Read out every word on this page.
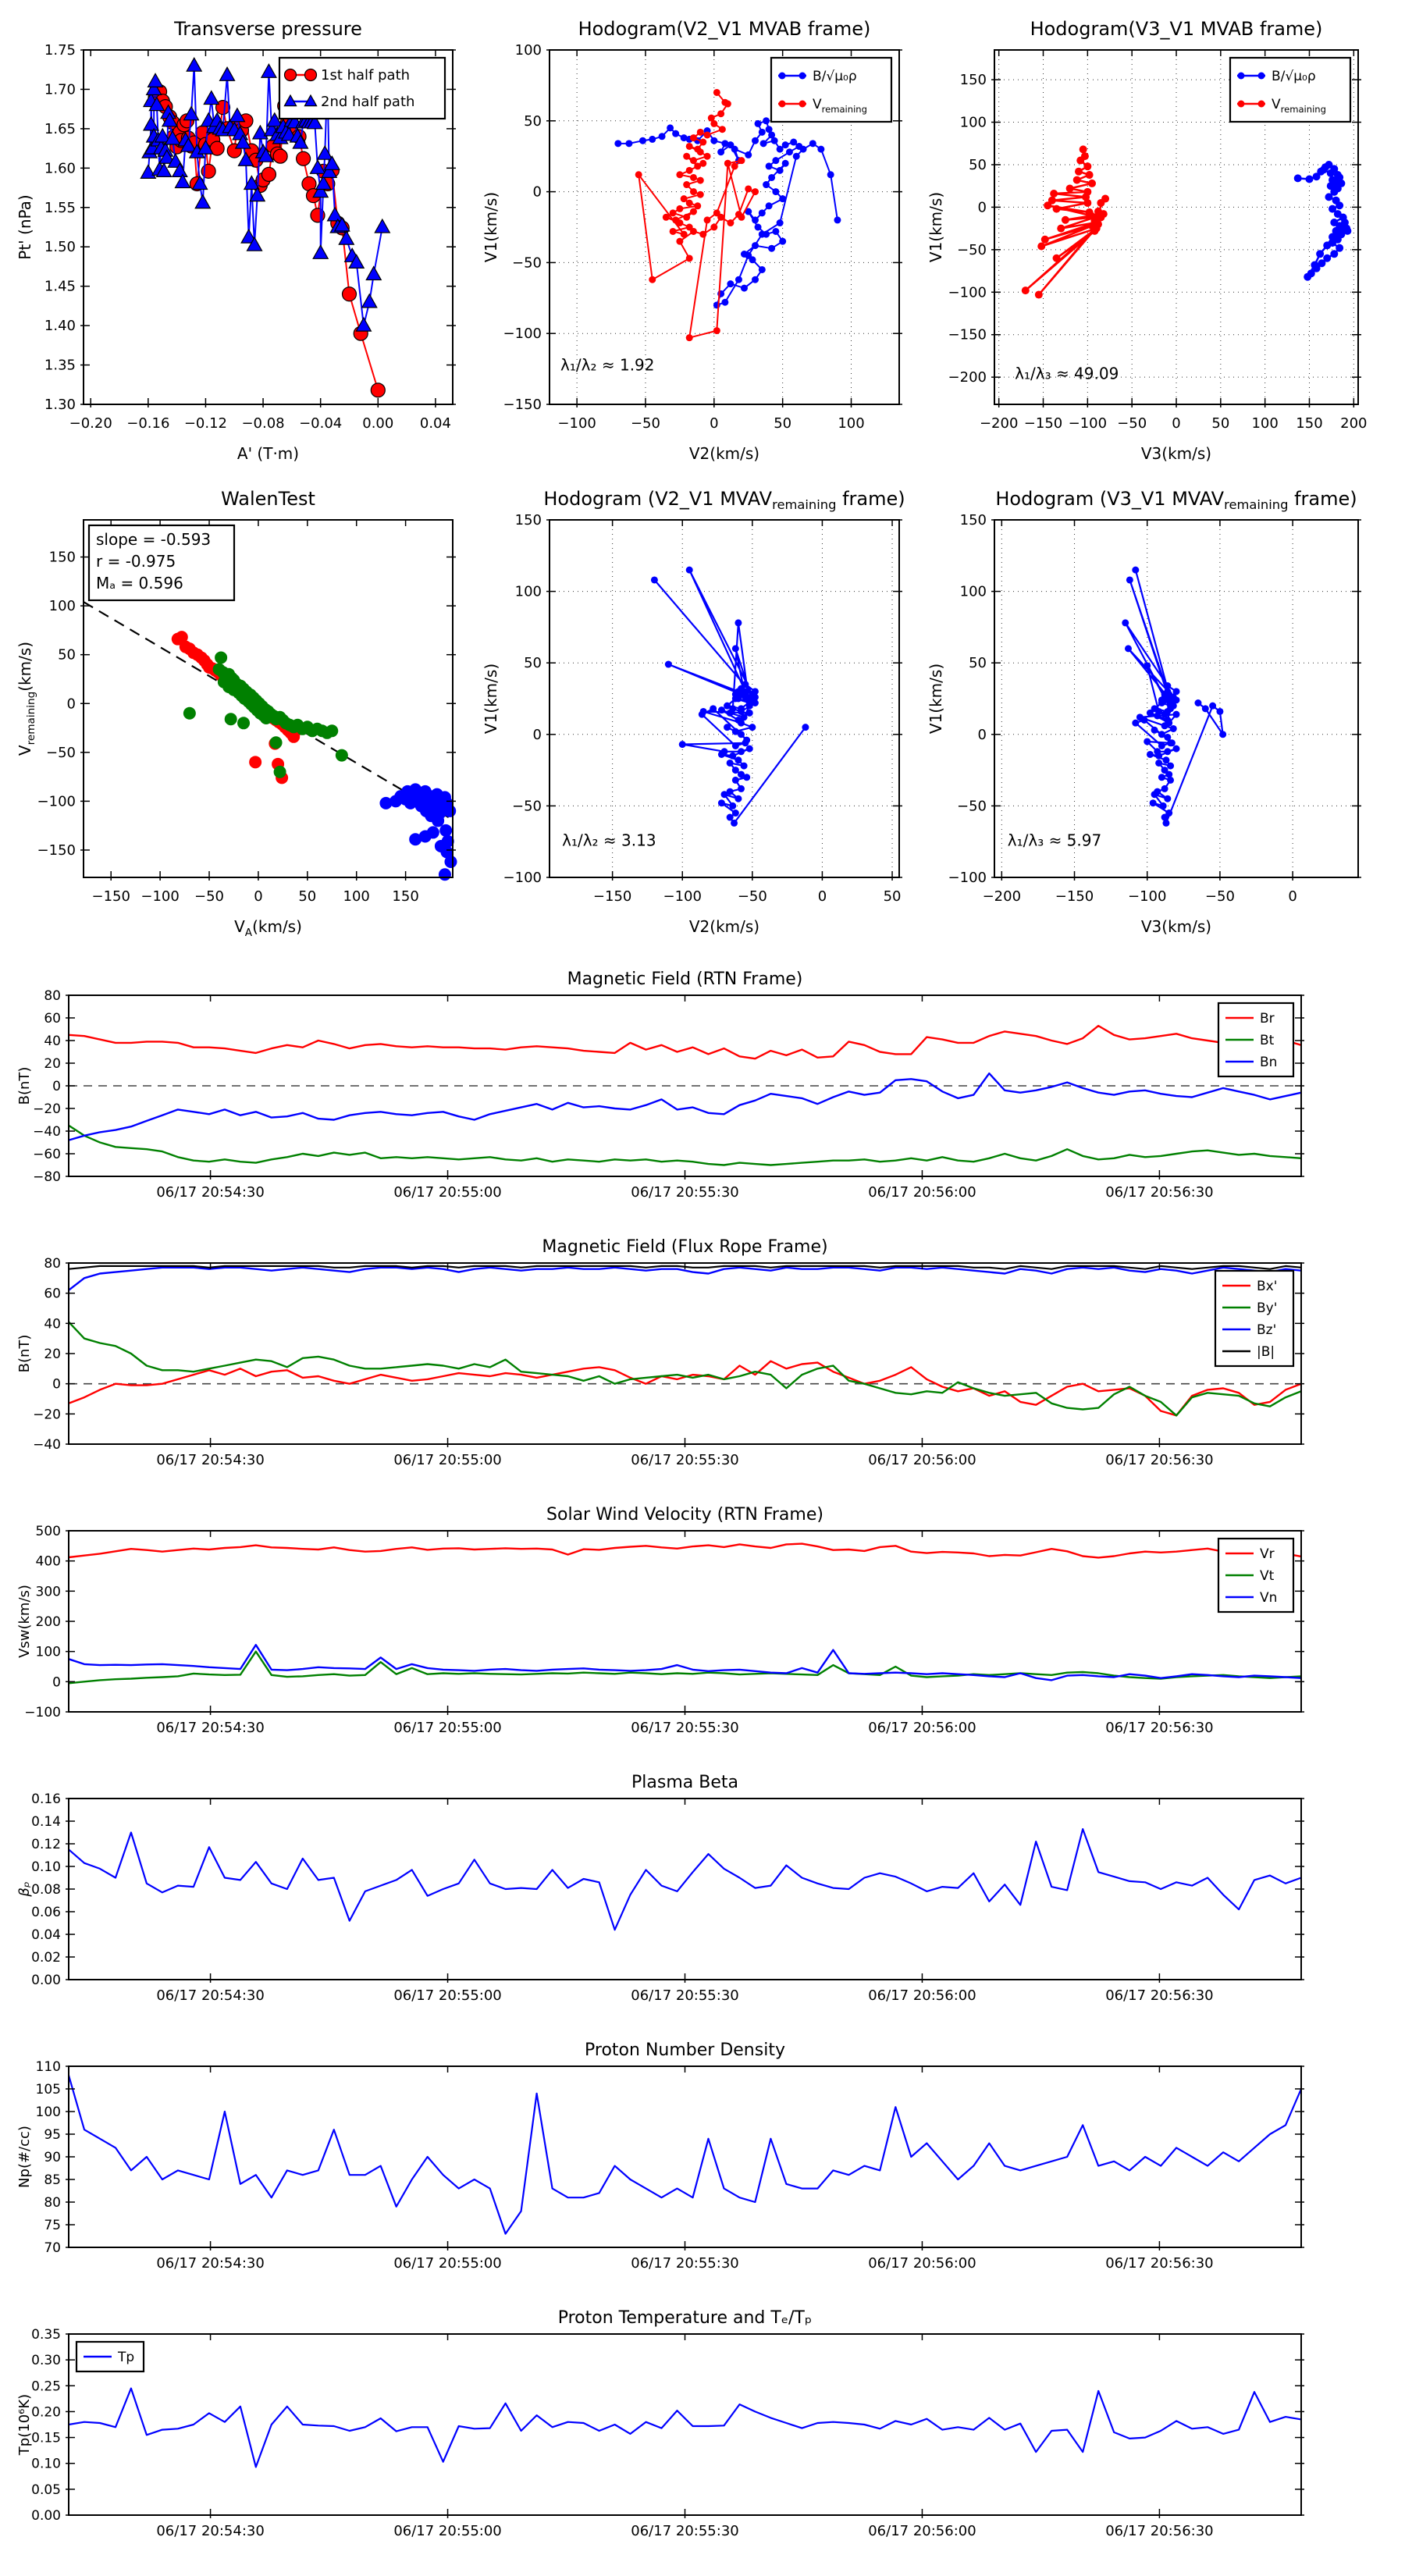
−0.20 −0.16 −0.12 −0.08 −0.04 0.00 0.04
1.30
1.35
1.40
1.45
1.50
1.55
1.60
1.65
1.70
1.75
Transverse pressure
A' (T·m)
Pt' (nPa)
1st half path
2nd half path
−100 −50	0	50	100
−150
−100
−50
0
50
100
Hodogram(V2_V1 MVAB frame)
V2(km/s)
V1(km/s)
λ₁/λ₂ ≈ 1.92
B/√μ₀ρ
$V_{remaining}$
−200 −150 −100 −50 0 50 100 150 200
−200
−150
−100
−50
0
50
100
150
Hodogram(V3_V1 MVAB frame)
V3(km/s)
V1(km/s)
λ₁/λ₃ ≈ 49.09
B/√μ₀ρ
$V_{remaining}$
−150 −100 −50 0	50 100 150
−150
−100
−50
0
50
100
150
WalenTest
$V_A(km/s)$
$V_{remaining}(km/s)$
slope = -0.593
r = -0.975
Mₐ = 0.596
−150 −100	−50	0	50
−100
−50
0
50
100
150
Hodogram (V2_V1 $MVAV_{remaining}$ frame)
V2(km/s)
V1(km/s)
λ₁/λ₂ ≈ 3.13
−200 −150 −100	−50	0
−100
−50
0
50
100
150
Hodogram (V3_V1 $MVAV_{remaining}$ frame)
V3(km/s)
V1(km/s)
λ₁/λ₃ ≈ 5.97
06/17 20:54:30	06/17 20:55:00	06/17 20:55:30	06/17 20:56:00	06/17 20:56:30
−80
−60
−40
−20
0
20
40
60
80
Magnetic Field (RTN Frame)
B(nT)
Br
Bt
Bn
06/17 20:54:30	06/17 20:55:00	06/17 20:55:30	06/17 20:56:00	06/17 20:56:30
−40
−20
0
20
40
60
80
Magnetic Field (Flux Rope Frame)
B(nT)
Bx'
By'
Bz'
|B|
06/17 20:54:30	06/17 20:55:00	06/17 20:55:30	06/17 20:56:00	06/17 20:56:30
−100
0
100
200
300
400
500
Solar Wind Velocity (RTN Frame)
Vsw(km/s)
Vr
Vt
Vn
06/17 20:54:30	06/17 20:55:00	06/17 20:55:30	06/17 20:56:00	06/17 20:56:30
0.00
0.02
0.04
0.06
0.08
0.10
0.12
0.14
0.16
Plasma Beta
βₚ
06/17 20:54:30	06/17 20:55:00	06/17 20:55:30	06/17 20:56:00	06/17 20:56:30
70
75
80
85
90
95
100
105
110
Proton Number Density
Np(#/cc)
06/17 20:54:30	06/17 20:55:00	06/17 20:55:30	06/17 20:56:00	06/17 20:56:30
0.00
0.05
0.10
0.15
0.20
0.25
0.30
0.35
Proton Temperature and Tₑ/Tₚ
Tp(10⁶K)
Tp
